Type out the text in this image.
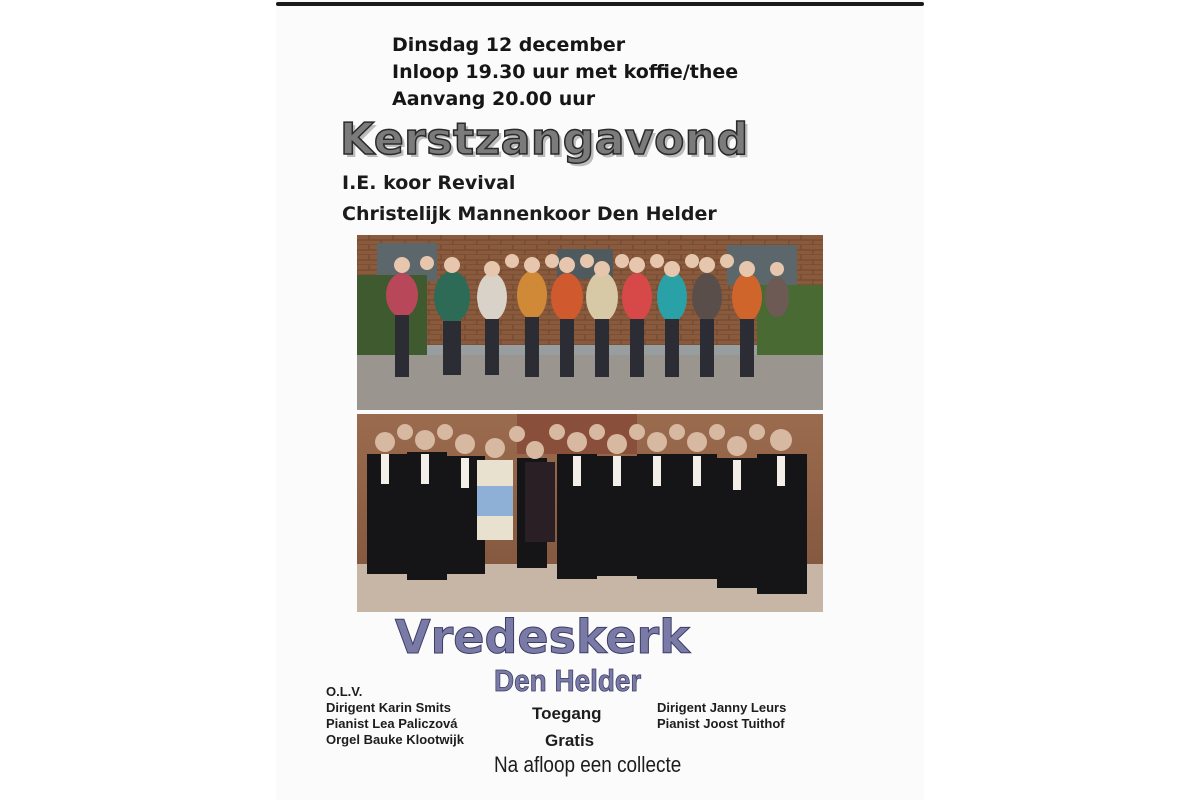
Dinsdag 12 december
Inloop 19.30 uur met koffie/thee
Aanvang 20.00 uur
Kerstzangavond
I.E. koor Revival
Christelijk Mannenkoor Den Helder
Vredeskerk
Den Helder
O.L.V.
Dirigent Karin Smits
Pianist Lea Paliczová
Orgel Bauke Klootwijk
Dirigent Janny Leurs
Pianist Joost Tuithof
Toegang
Gratis
Na afloop een collecte
